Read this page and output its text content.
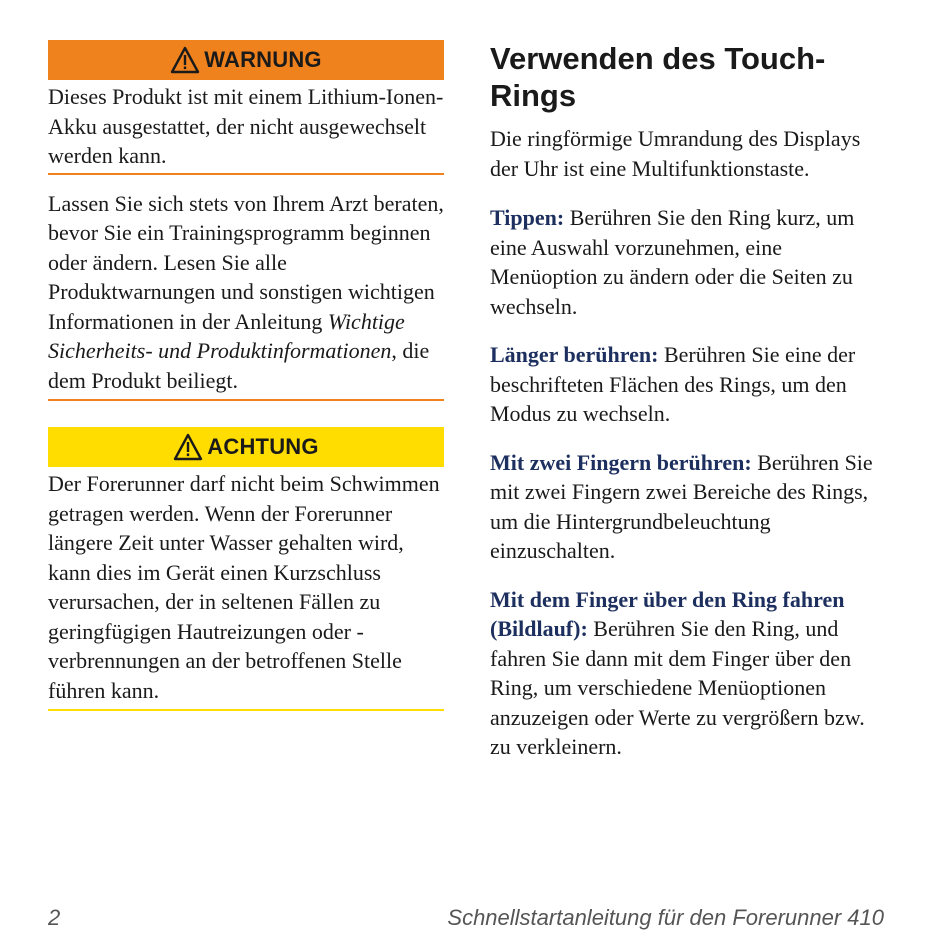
WARNUNG

Dieses Produkt ist mit einem Lithium-Ionen-Akku ausgestattet, der nicht ausgewechselt werden kann.

Lassen Sie sich stets von Ihrem Arzt beraten, bevor Sie ein Trainingsprogramm beginnen oder ändern. Lesen Sie alle Produktwarnungen und sonstigen wichtigen Informationen in der Anleitung Wichtige Sicherheits- und Produktinformationen, die dem Produkt beiliegt.

ACHTUNG

Der Forerunner darf nicht beim Schwimmen getragen werden. Wenn der Forerunner längere Zeit unter Wasser gehalten wird, kann dies im Gerät einen Kurzschluss verursachen, der in seltenen Fällen zu geringfügigen Hautreizungen oder -verbrennungen an der betroffenen Stelle führen kann.

Verwenden des Touch-Rings

Die ringförmige Umrandung des Displays der Uhr ist eine Multifunktionstaste.

Tippen: Berühren Sie den Ring kurz, um eine Auswahl vorzunehmen, eine Menüoption zu ändern oder die Seiten zu wechseln.

Länger berühren: Berühren Sie eine der beschrifteten Flächen des Rings, um den Modus zu wechseln.

Mit zwei Fingern berühren: Berühren Sie mit zwei Fingern zwei Bereiche des Rings, um die Hintergrundbeleuchtung einzuschalten.

Mit dem Finger über den Ring fahren (Bildlauf): Berühren Sie den Ring, und fahren Sie dann mit dem Finger über den Ring, um verschiedene Menüoptionen anzuzeigen oder Werte zu vergrößern bzw. zu verkleinern.

2	Schnellstartanleitung für den Forerunner 410
